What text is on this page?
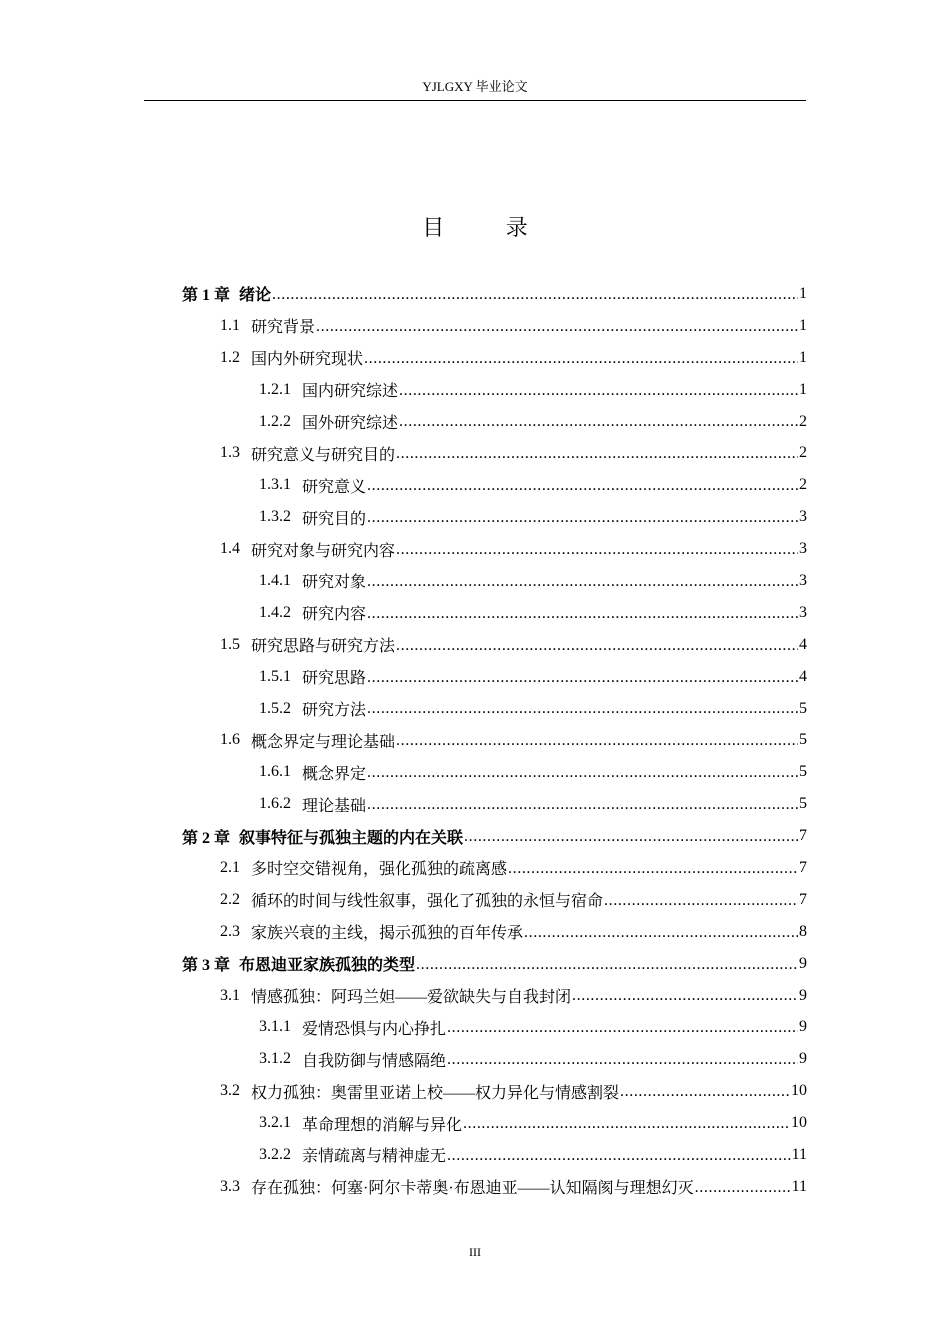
YJLGXY 毕业论文
目 录
第 1 章 绪论 .....	1
1.1 研究背景 .....	1
1.2 国内外研究现状 .....	1
1.2.1 国内研究综述 .....	1
1.2.2 国外研究综述 .....	2
1.3 研究意义与研究目的 .....	2
1.3.1 研究意义 .....	2
1.3.2 研究目的 .....	3
1.4 研究对象与研究内容 .....	3
1.4.1 研究对象 .....	3
1.4.2 研究内容 .....	3
1.5 研究思路与研究方法 .....	4
1.5.1 研究思路 .....	4
1.5.2 研究方法 .....	5
1.6 概念界定与理论基础 .....	5
1.6.1 概念界定 .....	5
1.6.2 理论基础 .....	5
第 2 章 叙事特征与孤独主题的内在关联 .....	7
2.1 多时空交错视角，强化孤独的疏离感 .....	7
2.2 循环的时间与线性叙事，强化了孤独的永恒与宿命 .....	7
2.3 家族兴衰的主线，揭示孤独的百年传承 .....	8
第 3 章 布恩迪亚家族孤独的类型 .....	9
3.1 情感孤独：阿玛兰妲——爱欲缺失与自我封闭 .....	9
3.1.1 爱情恐惧与内心挣扎 .....	9
3.1.2 自我防御与情感隔绝 .....	9
3.2 权力孤独：奥雷里亚诺上校——权力异化与情感割裂 .....	10
3.2.1 革命理想的消解与异化 .....	10
3.2.2 亲情疏离与精神虚无 .....	11
3.3 存在孤独：何塞·阿尔卡蒂奥·布恩迪亚——认知隔阂与理想幻灭 .....	11
III
